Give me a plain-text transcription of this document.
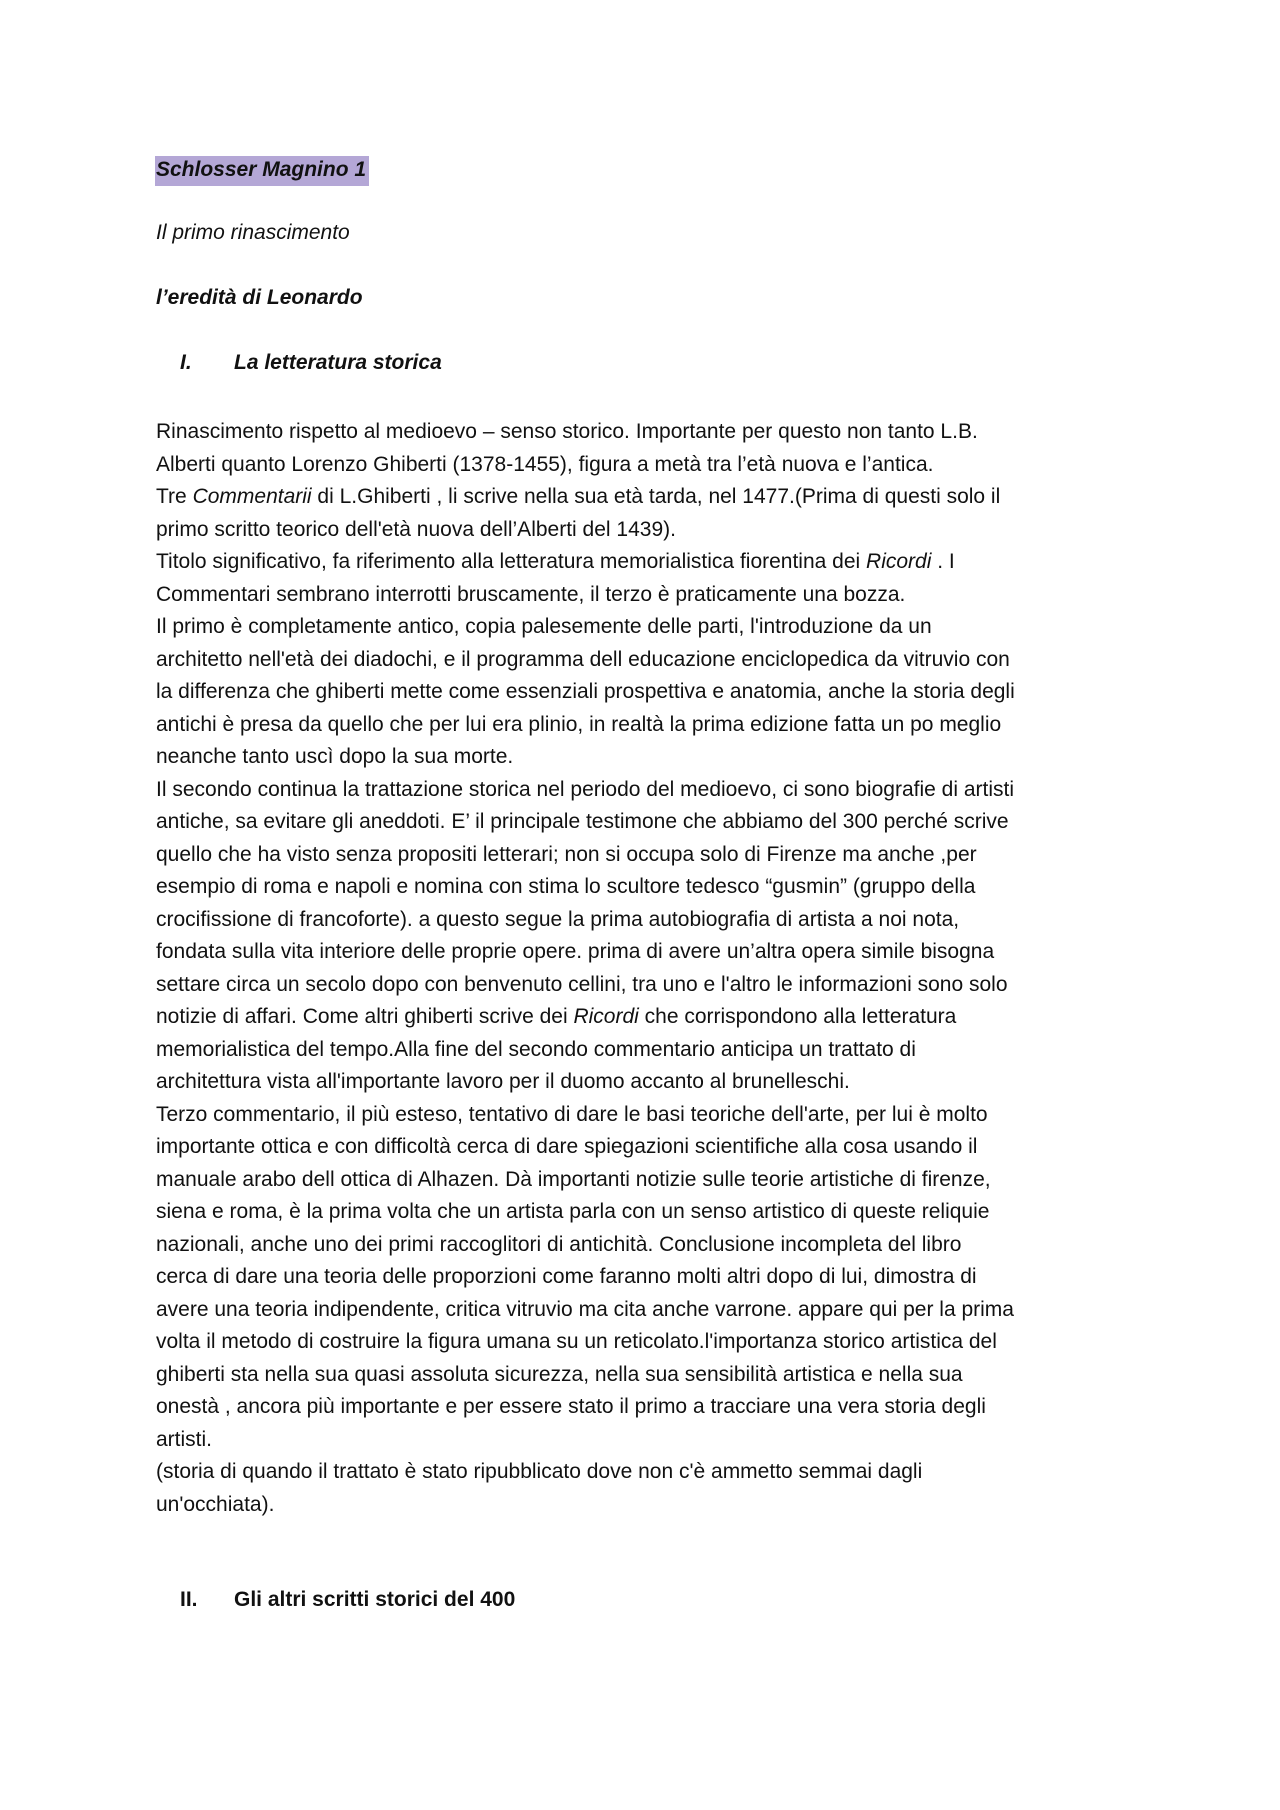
Schlosser Magnino 1
Il primo rinascimento
l’eredità di Leonardo
I.	La letteratura storica

Rinascimento rispetto al medioevo – senso storico. Importante per questo non tanto L.B.

Alberti quanto Lorenzo Ghiberti (1378-1455), figura a metà tra l’età nuova e l’antica.

Tre Commentarii di L.Ghiberti , li scrive nella sua età tarda, nel 1477.(Prima di questi solo il

primo scritto teorico dell'età nuova dell’Alberti del 1439).

Titolo significativo, fa riferimento alla letteratura memorialistica fiorentina dei Ricordi . I

Commentari sembrano interrotti bruscamente, il terzo è praticamente una bozza.

Il primo è completamente antico, copia palesemente delle parti, l'introduzione da un

architetto nell'età dei diadochi, e il programma dell educazione enciclopedica da vitruvio con

la differenza che ghiberti mette come essenziali prospettiva e anatomia, anche la storia degli

antichi è presa da quello che per lui era plinio, in realtà la prima edizione fatta un po meglio

neanche tanto uscì dopo la sua morte.

Il secondo continua la trattazione storica nel periodo del medioevo, ci sono biografie di artisti

antiche, sa evitare gli aneddoti. E’ il principale testimone che abbiamo del 300 perché scrive

quello che ha visto senza propositi letterari; non si occupa solo di Firenze ma anche ,per

esempio di roma e napoli e nomina con stima lo scultore tedesco “gusmin” (gruppo della

crocifissione di francoforte). a questo segue la prima autobiografia di artista a noi nota,

fondata sulla vita interiore delle proprie opere. prima di avere un’altra opera simile bisogna

settare circa un secolo dopo con benvenuto cellini, tra uno e l'altro le informazioni sono solo

notizie di affari. Come altri ghiberti scrive dei Ricordi che corrispondono alla letteratura

memorialistica del tempo.Alla fine del secondo commentario anticipa un trattato di

architettura vista all'importante lavoro per il duomo accanto al brunelleschi.

Terzo commentario, il più esteso, tentativo di dare le basi teoriche dell'arte, per lui è molto

importante ottica e con difficoltà cerca di dare spiegazioni scientifiche alla cosa usando il

manuale arabo dell ottica di Alhazen. Dà importanti notizie sulle teorie artistiche di firenze,

siena e roma, è la prima volta che un artista parla con un senso artistico di queste reliquie

nazionali, anche uno dei primi raccoglitori di antichità. Conclusione incompleta del libro

cerca di dare una teoria delle proporzioni come faranno molti altri dopo di lui, dimostra di

avere una teoria indipendente, critica vitruvio ma cita anche varrone. appare qui per la prima

volta il metodo di costruire la figura umana su un reticolato.l'importanza storico artistica del

ghiberti sta nella sua quasi assoluta sicurezza, nella sua sensibilità artistica e nella sua

onestà , ancora più importante e per essere stato il primo a tracciare una vera storia degli

artisti.

(storia di quando il trattato è stato ripubblicato dove non c'è ammetto semmai dagli

un'occhiata).

II.	Gli altri scritti storici del 400
